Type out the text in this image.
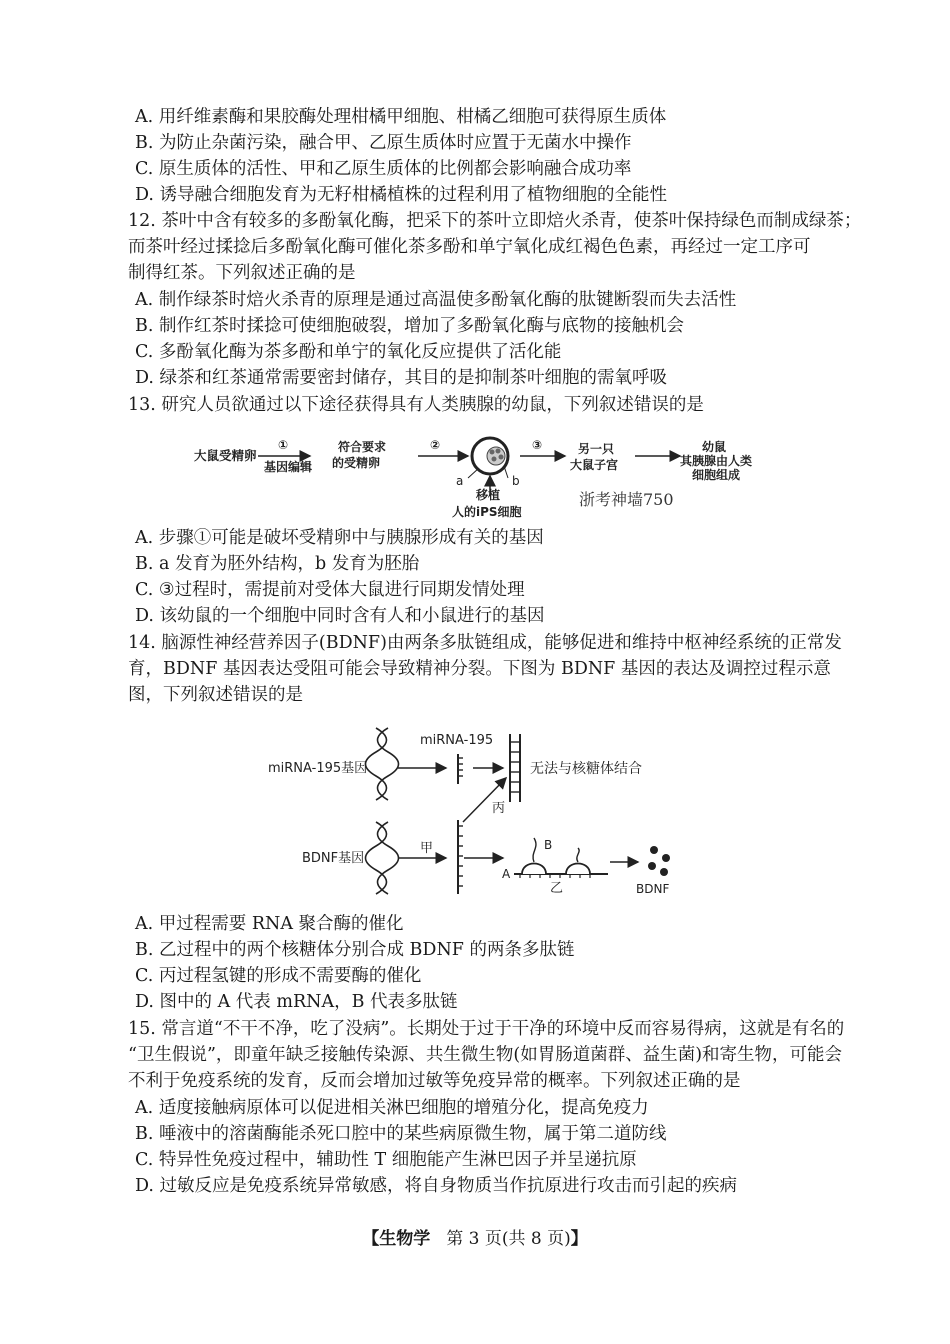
A. 用纤维素酶和果胶酶处理柑橘甲细胞、柑橘乙细胞可获得原生质体
B. 为防止杂菌污染，融合甲、乙原生质体时应置于无菌水中操作
C. 原生质体的活性、甲和乙原生质体的比例都会影响融合成功率
D. 诱导融合细胞发育为无籽柑橘植株的过程利用了植物细胞的全能性
12. 茶叶中含有较多的多酚氧化酶，把采下的茶叶立即焙火杀青，使茶叶保持绿色而制成绿茶；
而茶叶经过揉捻后多酚氧化酶可催化茶多酚和单宁氧化成红褐色色素，再经过一定工序可
制得红茶。下列叙述正确的是
A. 制作绿茶时焙火杀青的原理是通过高温使多酚氧化酶的肽键断裂而失去活性
B. 制作红茶时揉捻可使细胞破裂，增加了多酚氧化酶与底物的接触机会
C. 多酚氧化酶为茶多酚和单宁的氧化反应提供了活化能
D. 绿茶和红茶通常需要密封储存，其目的是抑制茶叶细胞的需氧呼吸
13. 研究人员欲通过以下途径获得具有人类胰腺的幼鼠，下列叙述错误的是
大鼠受精卵
①
基因编辑
符合要求
的受精卵
②
a	b
移植
人的iPS细胞
③	另一只
大鼠子宫
幼鼠
其胰腺由人类
细胞组成
浙考神墙750
A. 步骤①可能是破坏受精卵中与胰腺形成有关的基因
B. a 发育为胚外结构，b 发育为胚胎
C. ③过程时，需提前对受体大鼠进行同期发情处理
D. 该幼鼠的一个细胞中同时含有人和小鼠进行的基因
14. 脑源性神经营养因子(BDNF)由两条多肽链组成，能够促进和维持中枢神经系统的正常发
育，BDNF 基因表达受阻可能会导致精神分裂。下图为 BDNF 基因的表达及调控过程示意
图，下列叙述错误的是
miRNA-195基因
miRNA-195
无法与核糖体结合
丙
BDNF基因
甲
A
B
乙	BDNF
A. 甲过程需要 RNA 聚合酶的催化
B. 乙过程中的两个核糖体分别合成 BDNF 的两条多肽链
C. 丙过程氢键的形成不需要酶的催化
D. 图中的 A 代表 mRNA，B 代表多肽链
15. 常言道“不干不净，吃了没病”。长期处于过于干净的环境中反而容易得病，这就是有名的
“卫生假说”，即童年缺乏接触传染源、共生微生物(如胃肠道菌群、益生菌)和寄生物，可能会
不利于免疫系统的发育，反而会增加过敏等免疫异常的概率。下列叙述正确的是
A. 适度接触病原体可以促进相关淋巴细胞的增殖分化，提高免疫力
B. 唾液中的溶菌酶能杀死口腔中的某些病原微生物，属于第二道防线
C. 特异性免疫过程中，辅助性 T 细胞能产生淋巴因子并呈递抗原
D. 过敏反应是免疫系统异常敏感，将自身物质当作抗原进行攻击而引起的疾病
【生物学 第 3 页(共 8 页)】
